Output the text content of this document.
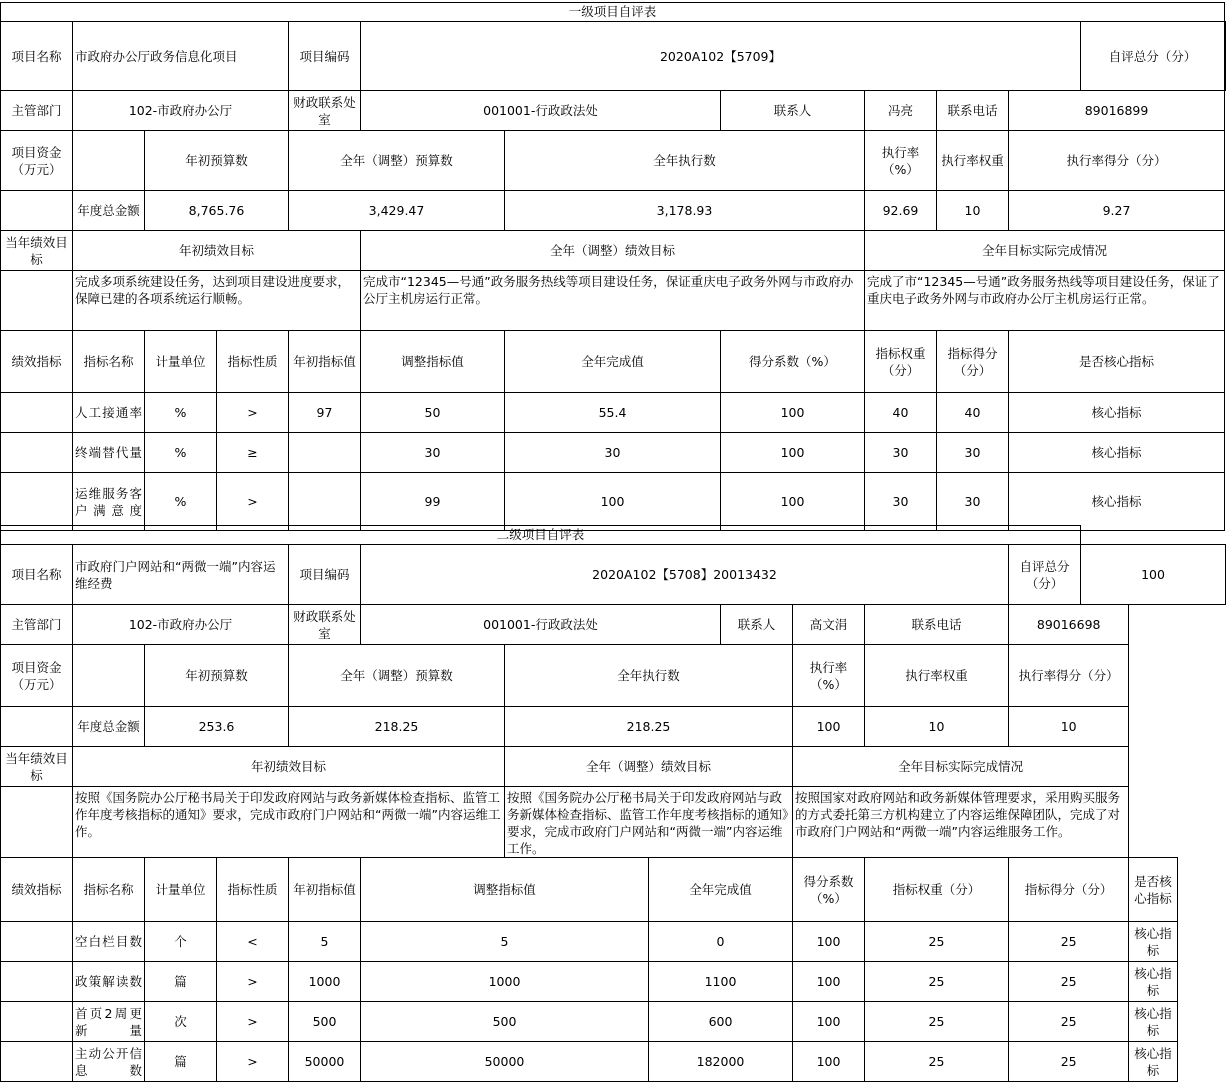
一级项目自评表												
项目名称	市政府办公厅政务信息化项目			项目编码	2020A102【5709】						自评总分（分）	
主管部门	102-市政府办公厅			财政联系处室	001001-行政政法处		联系人	冯亮	联系电话	89016899		
项目资金（万元）		年初预算数		全年（调整）预算数		全年执行数		执行率（%）	执行率权重	执行率得分（分）		
	年度总金额	8,765.76		3,429.47		3,178.93		92.69	10	9.27		
当年绩效目标	年初绩效目标				全年（调整）绩效目标			全年目标实际完成情况				
	完成多项系统建设任务，达到项目建设进度要求，保障已建的各项系统运行顺畅。				完成市“12345—号通”政务服务热线等项目建设任务，保证重庆电子政务外网与市政府办公厅主机房运行正常。			完成了市“12345—号通”政务服务热线等项目建设任务，保证了重庆电子政务外网与市政府办公厅主机房运行正常。				
绩效指标	指标名称	计量单位	指标性质	年初指标值	调整指标值	全年完成值	得分系数（%）	指标权重（分）	指标得分（分）	是否核心指标		
	人工接通率	%	>	97	50	55.4	100	40	40	核心指标		
	终端替代量	%	≥		30	30	100	30	30	核心指标		
	运维服务客户满意度	%	>		99	100	100	30	30	核心指标		
二级项目自评表													
项目名称	市政府门户网站和“两微一端”内容运维经费			项目编码	2020A102【5708】20013432						自评总分（分）	100	
主管部门	102-市政府办公厅			财政联系处室	001001-行政政法处			联系人	高文涓	联系电话	89016698		
项目资金（万元）		年初预算数		全年（调整）预算数		全年执行数			执行率（%）	执行率权重	执行率得分（分）		
	年度总金额	253.6		218.25		218.25			100	10	10		
当年绩效目标	年初绩效目标					全年（调整）绩效目标			全年目标实际完成情况				
	按照《国务院办公厅秘书局关于印发政府网站与政务新媒体检查指标、监管工作年度考核指标的通知》要求，完成市政府门户网站和“两微一端”内容运维工作。					按照《国务院办公厅秘书局关于印发政府网站与政务新媒体检查指标、监管工作年度考核指标的通知》要求，完成市政府门户网站和“两微一端”内容运维工作。			按照国家对政府网站和政务新媒体管理要求，采用购买服务的方式委托第三方机构建立了内容运维保障团队，完成了对市政府门户网站和“两微一端”内容运维服务工作。				
绩效指标	指标名称	计量单位	指标性质	年初指标值	调整指标值		全年完成值		得分系数（%）	指标权重（分）	指标得分（分）		是否核心指标
	空白栏目数	个	<	5	5		0		100	25	25		核心指标
	政策解读数	篇	>	1000	1000		1100		100	25	25		核心指标
	首页2周更新量	次	>	500	500		600		100	25	25		核心指标
	主动公开信息数	篇	>	50000	50000		182000		100	25	25		核心指标
